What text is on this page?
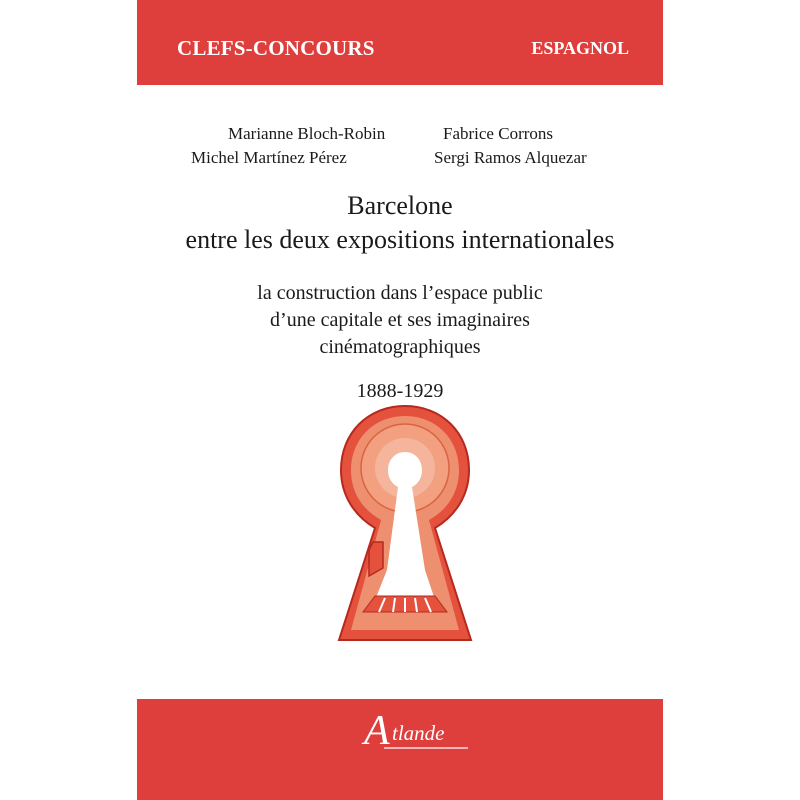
CLEFS-CONCOURS	ESPAGNOL
Marianne Bloch-Robin	Fabrice Corrons
Michel Martínez Pérez	Sergi Ramos Alquezar
Barcelone
entre les deux expositions internationales
la construction dans l’espace public
d’une capitale et ses imaginaires
cinématographiques
1888-1929
A tlande
